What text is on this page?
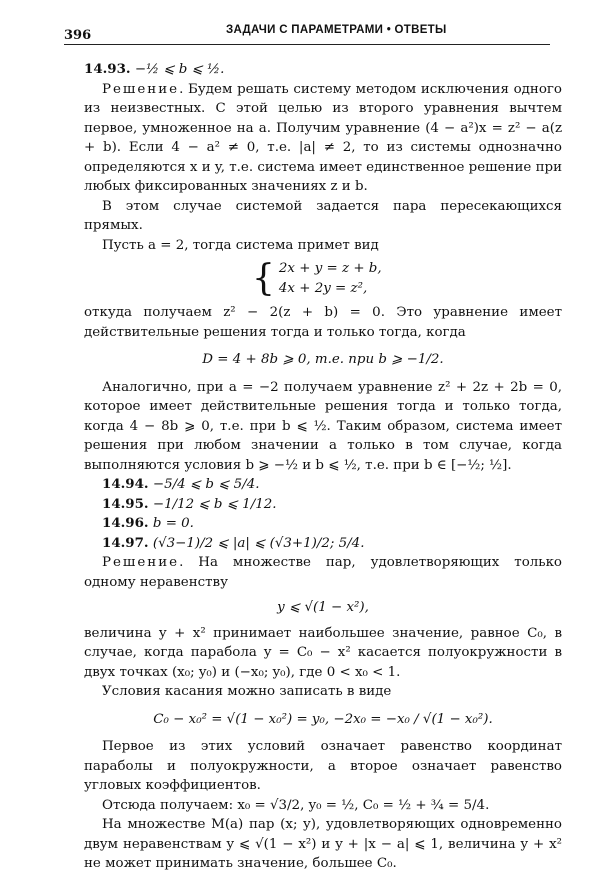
396	ЗАДАЧИ С ПАРАМЕТРАМИ • ОТВЕТЫ

14.93. −½ ⩽ b ⩽ ½.

Решение. Будем решать систему методом исключения одного из неизвестных. С этой целью из второго уравнения вычтем первое, умноженное на a. Получим уравнение (4 − a²)x = z² − a(z + b). Если 4 − a² ≠ 0, т.е. |a| ≠ 2, то из системы однозначно определяются x и y, т.е. система имеет единственное решение при любых фиксированных значениях z и b.

В этом случае системой задается пара пересекающихся прямых.

Пусть a = 2, тогда система примет вид

{ 2x + y = z + b,
4x + 2y = z²,

откуда получаем z² − 2(z + b) = 0. Это уравнение имеет действительные решения тогда и только тогда, когда

D = 4 + 8b ⩾ 0, т.е. при b ⩾ −1/2.

Аналогично, при a = −2 получаем уравнение z² + 2z + 2b = 0, которое имеет действительные решения тогда и только тогда, когда 4 − 8b ⩾ 0, т.е. при b ⩽ ½. Таким образом, система имеет решения при любом значении a только в том случае, когда выполняются условия b ⩾ −½ и b ⩽ ½, т.е. при b ∈ [−½; ½].

14.94. −5/4 ⩽ b ⩽ 5/4.

14.95. −1/12 ⩽ b ⩽ 1/12.

14.96. b = 0.

14.97. (√3−1)/2 ⩽ |a| ⩽ (√3+1)/2; 5/4.

Решение. На множестве пар, удовлетворяющих только одному неравенству

y ⩽ √(1 − x²),

величина y + x² принимает наибольшее значение, равное C₀, в случае, когда парабола y = C₀ − x² касается полуокружности в двух точках (x₀; y₀) и (−x₀; y₀), где 0 < x₀ < 1.

Условия касания можно записать в виде

C₀ − x₀² = √(1 − x₀²) = y₀, −2x₀ = −x₀ / √(1 − x₀²).

Первое из этих условий означает равенство координат параболы и полуокружности, а второе означает равенство угловых коэффициентов.

Отсюда получаем: x₀ = √3/2, y₀ = ½, C₀ = ½ + ¾ = 5/4.

На множестве M(a) пар (x; y), удовлетворяющих одновременно двум неравенствам y ⩽ √(1 − x²) и y + |x − a| ⩽ 1, величина y + x² не может принимать значение, большее C₀.
